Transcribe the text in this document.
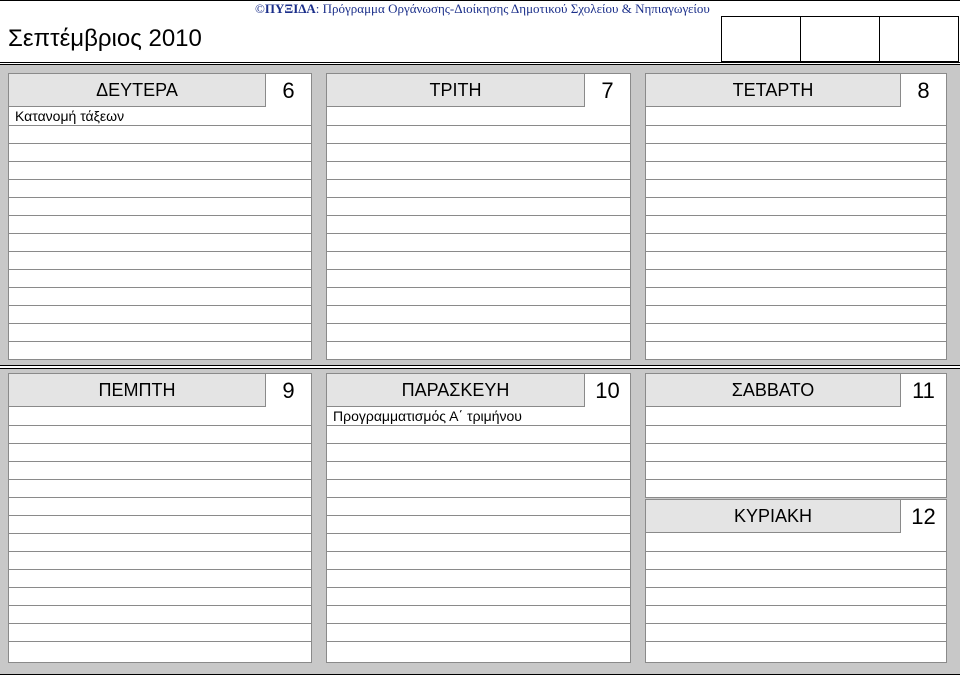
©ΠΥΞΙΔΑ: Πρόγραμμα Οργάνωσης-Διοίκησης Δημοτικού Σχολείου & Νηπιαγωγείου
Σεπτέμβριος 2010
ΔΕΥΤΕΡΑ	6
Κατανομή τάξεων
ΤΡΙΤΗ	7	ΤΕΤΑΡΤΗ	8
ΠΕΜΠΤΗ	9	ΠΑΡΑΣΚΕΥΗ	10
Προγραμματισμός Α΄ τριμήνου
ΣΑΒΒΑΤΟ	11
ΚΥΡΙΑΚΗ	12
